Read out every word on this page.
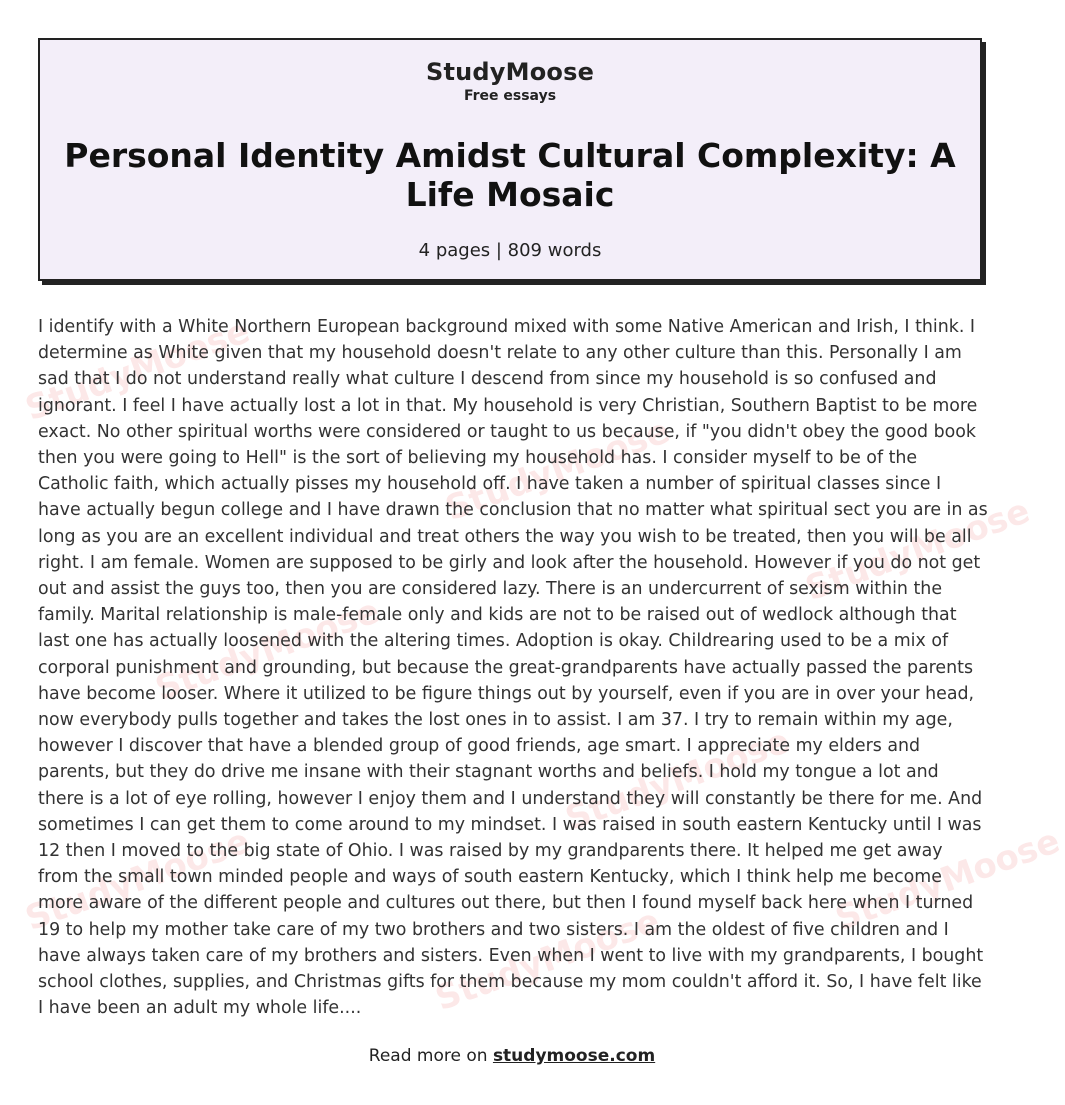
StudyMoose
Free essays
Personal Identity Amidst Cultural Complexity: A Life Mosaic
4 pages | 809 words
StudyMoose
StudyMoose
StudyMoose
StudyMoose
StudyMoose
StudyMoose
StudyMoose
StudyMoose

I identify with a White Northern European background mixed with some Native American and Irish, I think. I determine as White given that my household doesn't relate to any other culture than this. Personally I am sad that I do not understand really what culture I descend from since my household is so confused and ignorant. I feel I have actually lost a lot in that. My household is very Christian, Southern Baptist to be more exact. No other spiritual worths were considered or taught to us because, if "you didn't obey the good book then you were going to Hell" is the sort of believing my household has. I consider myself to be of the Catholic faith, which actually pisses my household off. I have taken a number of spiritual classes since I have actually begun college and I have drawn the conclusion that no matter what spiritual sect you are in as long as you are an excellent individual and treat others the way you wish to be treated, then you will be all right. I am female. Women are supposed to be girly and look after the household. However if you do not get out and assist the guys too, then you are considered lazy. There is an undercurrent of sexism within the family. Marital relationship is male-female only and kids are not to be raised out of wedlock although that last one has actually loosened with the altering times. Adoption is okay. Childrearing used to be a mix of corporal punishment and grounding, but because the great-grandparents have actually passed the parents have become looser. Where it utilized to be figure things out by yourself, even if you are in over your head, now everybody pulls together and takes the lost ones in to assist. I am 37. I try to remain within my age, however I discover that have a blended group of good friends, age smart. I appreciate my elders and parents, but they do drive me insane with their stagnant worths and beliefs. I hold my tongue a lot and there is a lot of eye rolling, however I enjoy them and I understand they will constantly be there for me. And sometimes I can get them to come around to my mindset. I was raised in south eastern Kentucky until I was 12 then I moved to the big state of Ohio. I was raised by my grandparents there. It helped me get away from the small town minded people and ways of south eastern Kentucky, which I think help me become more aware of the different people and cultures out there, but then I found myself back here when I turned 19 to help my mother take care of my two brothers and two sisters. I am the oldest of five children and I have always taken care of my brothers and sisters. Even when I went to live with my grandparents, I bought school clothes, supplies, and Christmas gifts for them because my mom couldn't afford it. So, I have felt like I have been an adult my whole life....

Read more on studymoose.com
